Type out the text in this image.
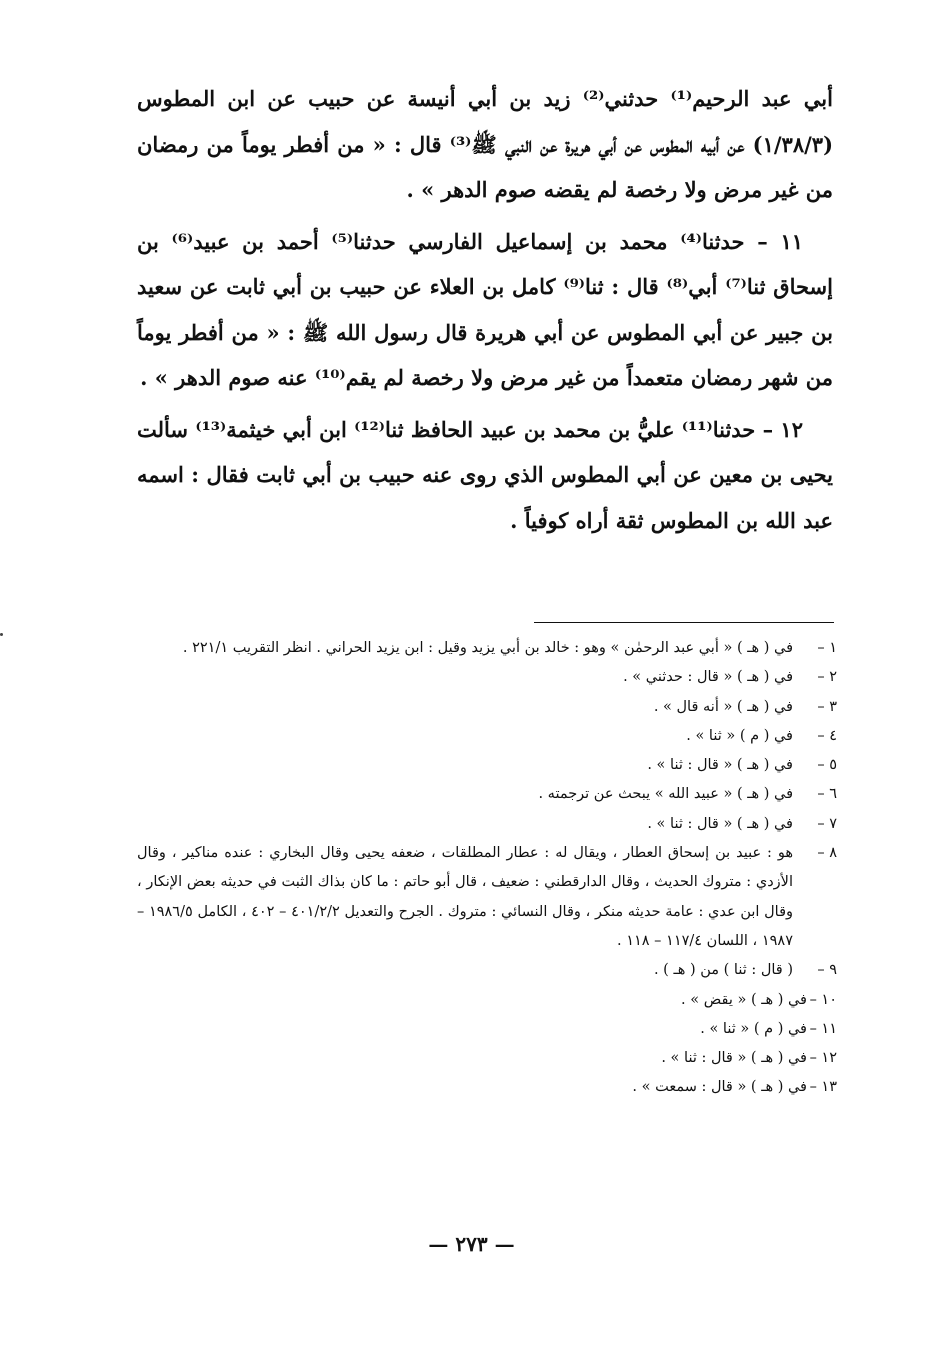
أبي عبد الرحيم⁽¹⁾ حدثني⁽²⁾ زيد بن أبي أنيسة عن حبيب عن ابن المطوس (١/٣٨/٣) عن أبيه المطوس عن أبي هريرة عن النبي ﷺ⁽³⁾ قال : « من أفطر يوماً من رمضان من غير مرض ولا رخصة لم يقضه صوم الدهر » .

١١ – حدثنا⁽⁴⁾ محمد بن إسماعيل الفارسي حدثنا⁽⁵⁾ أحمد بن عبيد⁽⁶⁾ بن إسحاق ثنا⁽⁷⁾ أبي⁽⁸⁾ قال : ثنا⁽⁹⁾ كامل بن العلاء عن حبيب بن أبي ثابت عن سعيد بن جبير عن أبي المطوس عن أبي هريرة قال رسول الله ﷺ : « من أفطر يوماً من شهر رمضان متعمداً من غير مرض ولا رخصة لم يقم⁽¹⁰⁾ عنه صوم الدهر » .

١٢ – حدثنا⁽¹¹⁾ عليُّ بن محمد بن عبيد الحافظ ثنا⁽¹²⁾ ابن أبي خيثمة⁽¹³⁾ سألت يحيى بن معين عن أبي المطوس الذي روى عنه حبيب بن أبي ثابت فقال : اسمه عبد الله بن المطوس ثقة أراه كوفياً .

١ –
في ( هـ ) « أبي عبد الرحمٰن » وهو : خالد بن أبي يزيد وقيل : ابن يزيد الحراني . انظر التقريب ٢٢١/١ .
٢ –
في ( هـ ) « قال : حدثني » .
٣ –
في ( هـ ) « أنه قال » .
٤ –
في ( م ) « ثنا » .
٥ –
في ( هـ ) « قال : ثنا » .
٦ –
في ( هـ ) « عبيد الله » يبحث عن ترجمته .
٧ –
في ( هـ ) « قال : ثنا » .
٨ –
هو : عبيد بن إسحاق العطار ، ويقال له : عطار المطلقات ، ضعفه يحيى وقال البخاري : عنده مناكير ، وقال الأزدي : متروك الحديث ، وقال الدارقطني : ضعيف ، قال أبو حاتم : ما كان بذاك الثبت في حديثه بعض الإنكار ، وقال ابن عدي : عامة حديثه منكر ، وقال النسائي : متروك . الجرح والتعديل ٤٠١/٢/٢ – ٤٠٢ ، الكامل ١٩٨٦/٥ – ١٩٨٧ ، اللسان ١١٧/٤ – ١١٨ .
٩ –
( قال : ثنا ) من ( هـ ) .
١٠ –
في ( هـ ) « يقض » .
١١ –
في ( م ) « ثنا » .
١٢ –
في ( هـ ) « قال : ثنا » .
١٣ –
في ( هـ ) « قال : سمعت » .
— ٢٧٣ —
